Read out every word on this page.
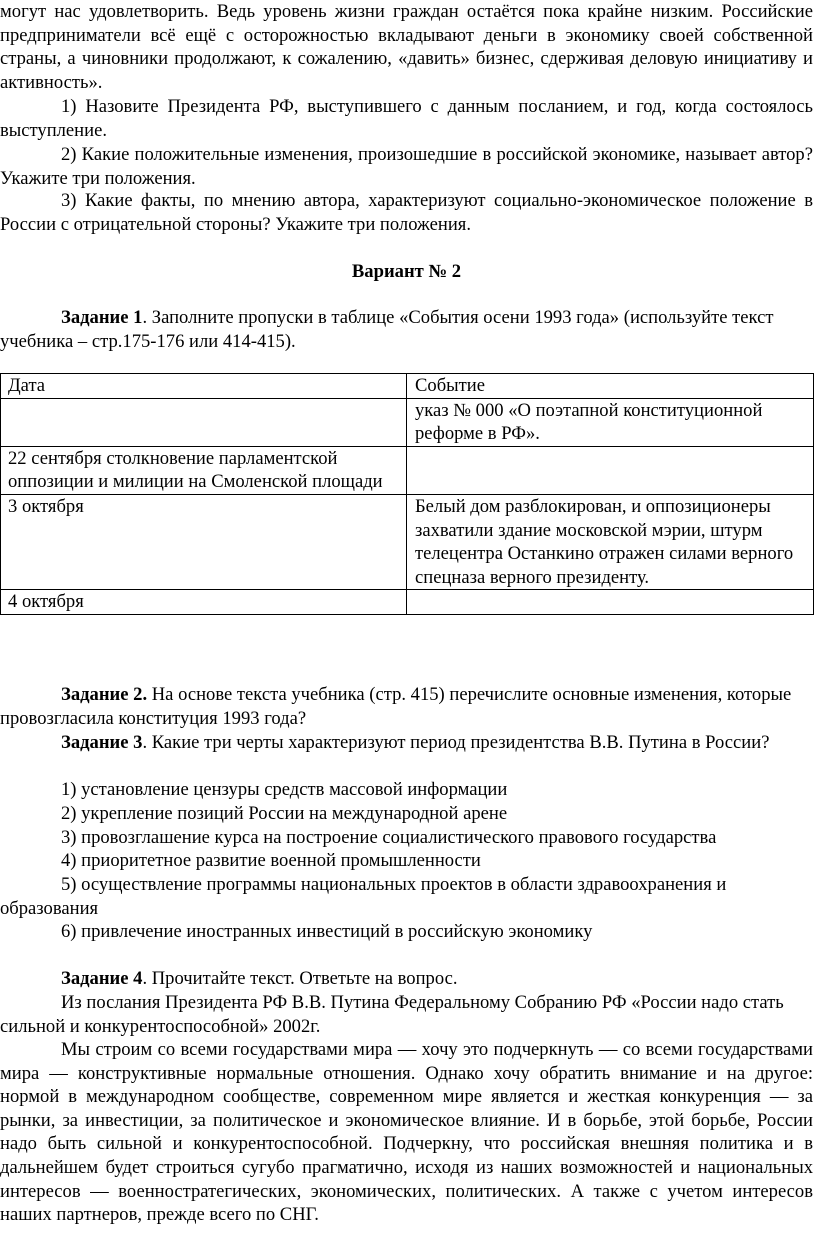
могут нас удовлетворить. Ведь уровень жизни граждан остаётся пока крайне низким. Российские предприниматели всё ещё с осторожностью вкладывают деньги в экономику своей собственной страны, а чиновники продолжают, к сожалению, «давить» бизнес, сдерживая деловую инициативу и активность».

1) Назовите Президента РФ, выступившего с данным посланием, и год, когда состоялось выступление.

2) Какие положительные изменения, произошедшие в российской экономике, называет автор? Укажите три положения.

3) Какие факты, по мнению автора, характеризуют социально-экономическое положение в России с отрицательной стороны? Укажите три положения.

Вариант № 2

Задание 1. Заполните пропуски в таблице «События осени 1993 года» (используйте текст учебника – стр.175-176 или 414-415).

Дата	Событие
	указ № 000 «О поэтапной конституционной реформе в РФ».
22 сентября столкновение парламентской оппозиции и милиции на Смоленской площади	
3 октября	Белый дом разблокирован, и оппозиционеры захватили здание московской мэрии, штурм телецентра Останкино отражен силами верного спецназа верного президенту.
4 октября	

Задание 2. На основе текста учебника (стр. 415) перечислите основные изменения, которые провозгласила конституция 1993 года?

Задание 3. Какие три черты характеризуют период президентства В.В. Путина в России?

1) установление цензуры средств массовой информации

2) укрепление позиций России на международной арене

3) провозглашение курса на построение социалистического правового государства

4) приоритетное развитие военной промышленности

5) осуществление программы национальных проектов в области здравоохранения и образования

6) привлечение иностранных инвестиций в российскую экономику

Задание 4. Прочитайте текст. Ответьте на вопрос.

Из послания Президента РФ В.В. Путина Федеральному Собранию РФ «России надо стать сильной и конкурентоспособной» 2002г.

Мы строим со всеми государствами мира — хочу это подчеркнуть — со всеми государствами мира — конструктивные нормальные отношения. Однако хочу обратить внимание и на другое: нормой в международном сообществе, современном мире является и жесткая конкуренция — за рынки, за инвестиции, за политическое и экономическое влияние. И в борьбе, этой борьбе, России надо быть сильной и конкурентоспособной. Подчеркну, что российская внешняя политика и в дальнейшем будет строиться сугубо прагматично, исходя из наших возможностей и национальных интересов — военностратегических, экономических, политических. А также с учетом интересов наших партнеров, прежде всего по СНГ.
